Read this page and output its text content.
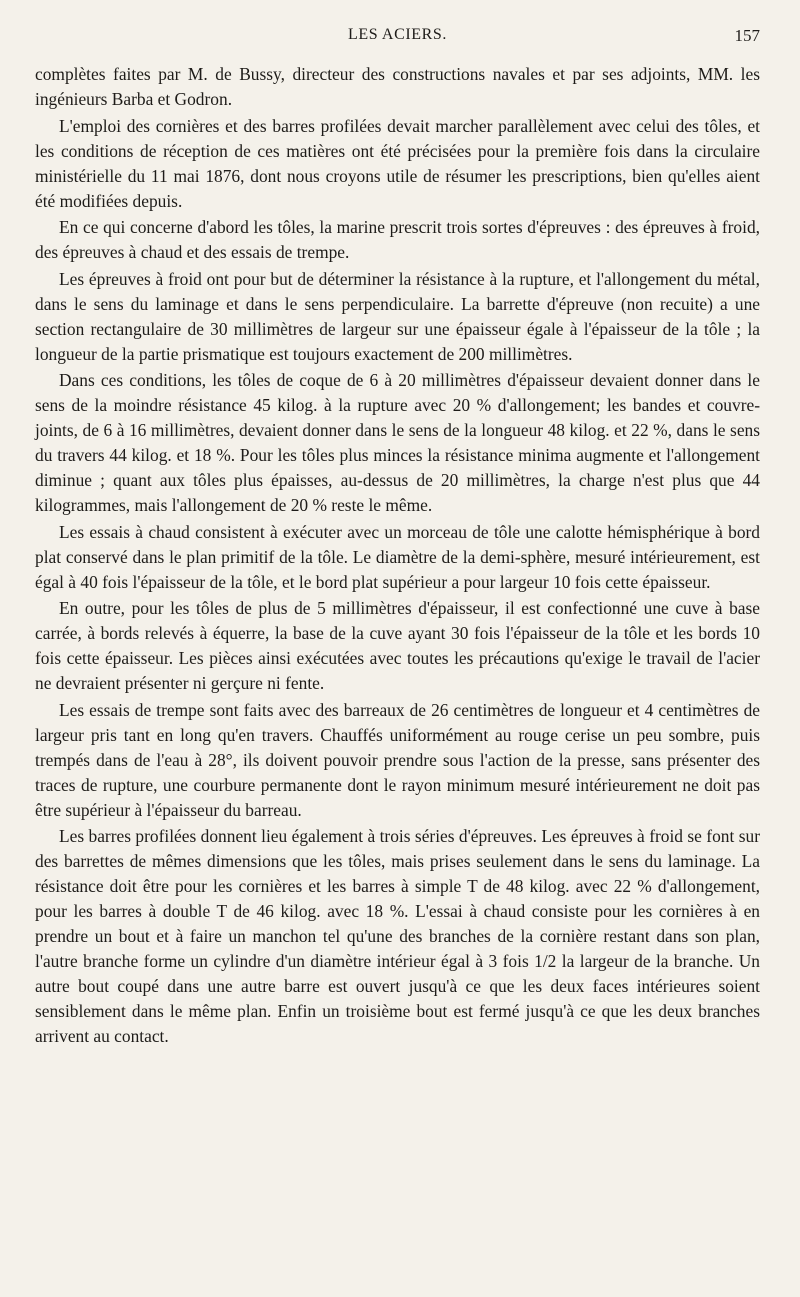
LES ACIERS.	157

complètes faites par M. de Bussy, directeur des constructions navales et par ses adjoints, MM. les ingénieurs Barba et Godron.

L'emploi des cornières et des barres profilées devait marcher parallèlement avec celui des tôles, et les conditions de réception de ces matières ont été précisées pour la première fois dans la circulaire ministérielle du 11 mai 1876, dont nous croyons utile de résumer les prescriptions, bien qu'elles aient été modifiées depuis.

En ce qui concerne d'abord les tôles, la marine prescrit trois sortes d'épreuves : des épreuves à froid, des épreuves à chaud et des essais de trempe.

Les épreuves à froid ont pour but de déterminer la résistance à la rupture, et l'allongement du métal, dans le sens du laminage et dans le sens perpendiculaire. La barrette d'épreuve (non recuite) a une section rectangulaire de 30 millimètres de largeur sur une épaisseur égale à l'épaisseur de la tôle ; la longueur de la partie prismatique est toujours exactement de 200 millimètres.

Dans ces conditions, les tôles de coque de 6 à 20 millimètres d'épaisseur devaient donner dans le sens de la moindre résistance 45 kilog. à la rupture avec 20 % d'allongement; les bandes et couvre-joints, de 6 à 16 millimètres, devaient donner dans le sens de la longueur 48 kilog. et 22 %, dans le sens du travers 44 kilog. et 18 %. Pour les tôles plus minces la résistance minima augmente et l'allongement diminue ; quant aux tôles plus épaisses, au-dessus de 20 millimètres, la charge n'est plus que 44 kilogrammes, mais l'allongement de 20 % reste le même.

Les essais à chaud consistent à exécuter avec un morceau de tôle une calotte hémisphérique à bord plat conservé dans le plan primitif de la tôle. Le diamètre de la demi-sphère, mesuré intérieurement, est égal à 40 fois l'épaisseur de la tôle, et le bord plat supérieur a pour largeur 10 fois cette épaisseur.

En outre, pour les tôles de plus de 5 millimètres d'épaisseur, il est confectionné une cuve à base carrée, à bords relevés à équerre, la base de la cuve ayant 30 fois l'épaisseur de la tôle et les bords 10 fois cette épaisseur. Les pièces ainsi exécutées avec toutes les précautions qu'exige le travail de l'acier ne devraient présenter ni gerçure ni fente.

Les essais de trempe sont faits avec des barreaux de 26 centimètres de longueur et 4 centimètres de largeur pris tant en long qu'en travers. Chauffés uniformément au rouge cerise un peu sombre, puis trempés dans de l'eau à 28°, ils doivent pouvoir prendre sous l'action de la presse, sans présenter des traces de rupture, une courbure permanente dont le rayon minimum mesuré intérieurement ne doit pas être supérieur à l'épaisseur du barreau.

Les barres profilées donnent lieu également à trois séries d'épreuves. Les épreuves à froid se font sur des barrettes de mêmes dimensions que les tôles, mais prises seulement dans le sens du laminage. La résistance doit être pour les cornières et les barres à simple T de 48 kilog. avec 22 % d'allongement, pour les barres à double T de 46 kilog. avec 18 %. L'essai à chaud consiste pour les cornières à en prendre un bout et à faire un manchon tel qu'une des branches de la cornière restant dans son plan, l'autre branche forme un cylindre d'un diamètre intérieur égal à 3 fois 1/2 la largeur de la branche. Un autre bout coupé dans une autre barre est ouvert jusqu'à ce que les deux faces intérieures soient sensiblement dans le même plan. Enfin un troisième bout est fermé jusqu'à ce que les deux branches arrivent au contact.
